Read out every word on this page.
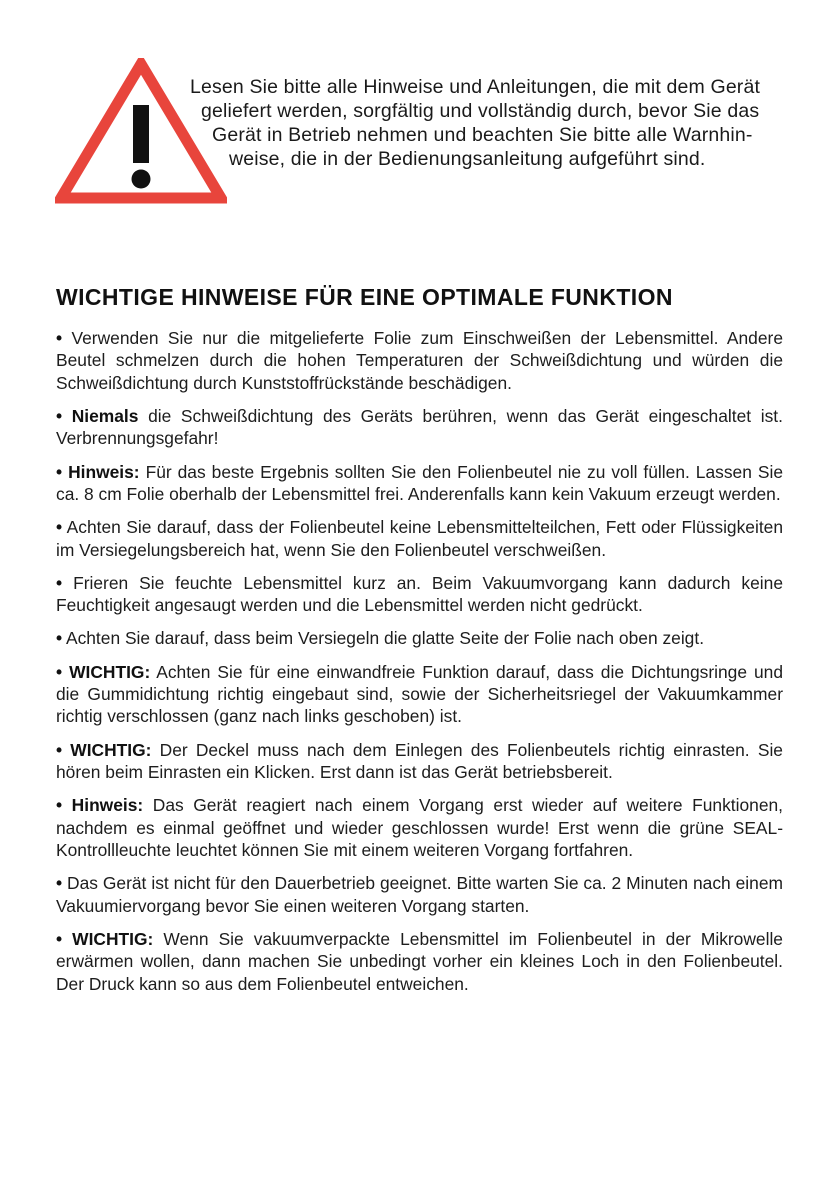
Lesen Sie bitte alle Hinweise und Anleitungen, die mit dem Gerät
geliefert werden, sorgfältig und vollständig durch, bevor Sie das
Gerät in Betrieb nehmen und beachten Sie bitte alle Warnhin-
weise, die in der Bedienungsanleitung aufgeführt sind.
WICHTIGE HINWEISE FÜR EINE OPTIMALE FUNKTION

• Verwenden Sie nur die mitgelieferte Folie zum Einschweißen der Lebensmittel. Andere Beutel schmelzen durch die hohen Temperaturen der Schweißdichtung und würden die Schweißdichtung durch Kunststoffrückstände beschädigen.

• Niemals die Schweißdichtung des Geräts berühren, wenn das Gerät eingeschaltet ist. Verbrennungsgefahr!

• Hinweis: Für das beste Ergebnis sollten Sie den Folienbeutel nie zu voll füllen. Lassen Sie ca. 8 cm Folie oberhalb der Lebensmittel frei. Anderenfalls kann kein Vakuum erzeugt werden.

• Achten Sie darauf, dass der Folienbeutel keine Lebensmittelteilchen, Fett oder Flüssigkeiten im Versiegelungsbereich hat, wenn Sie den Folienbeutel verschweißen.

• Frieren Sie feuchte Lebensmittel kurz an. Beim Vakuumvorgang kann dadurch keine Feuchtigkeit angesaugt werden und die Lebensmittel werden nicht gedrückt.

• Achten Sie darauf, dass beim Versiegeln die glatte Seite der Folie nach oben zeigt.

• WICHTIG: Achten Sie für eine einwandfreie Funktion darauf, dass die Dichtungsringe und die Gummidichtung richtig eingebaut sind, sowie der Sicherheitsriegel der Vakuumkammer richtig verschlossen (ganz nach links geschoben) ist.

• WICHTIG: Der Deckel muss nach dem Einlegen des Folienbeutels richtig einrasten. Sie hören beim Einrasten ein Klicken. Erst dann ist das Gerät betriebsbereit.

• Hinweis: Das Gerät reagiert nach einem Vorgang erst wieder auf weitere Funktionen, nachdem es einmal geöffnet und wieder geschlossen wurde! Erst wenn die grüne SEAL-Kontrollleuchte leuchtet können Sie mit einem weiteren Vorgang fortfahren.

• Das Gerät ist nicht für den Dauerbetrieb geeignet. Bitte warten Sie ca. 2 Minuten nach einem Vakuumiervorgang bevor Sie einen weiteren Vorgang starten.

• WICHTIG: Wenn Sie vakuumverpackte Lebensmittel im Folienbeutel in der Mikrowelle erwärmen wollen, dann machen Sie unbedingt vorher ein kleines Loch in den Folienbeutel. Der Druck kann so aus dem Folienbeutel entweichen.
